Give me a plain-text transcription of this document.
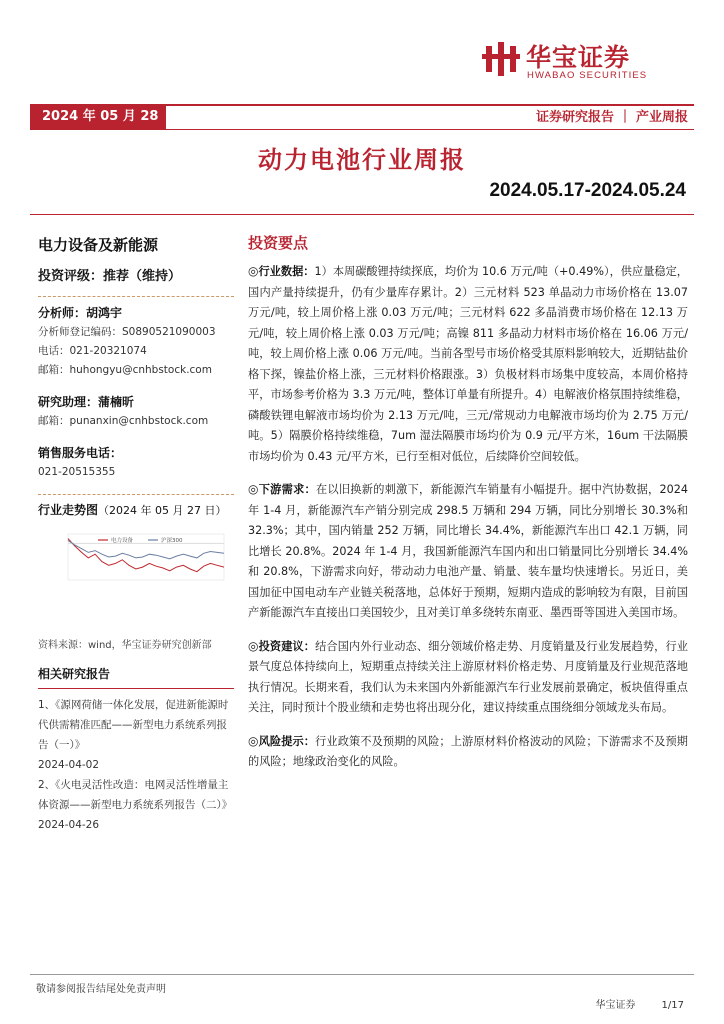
华宝证券
HWABAO SECURITIES
2024 年 05 月 28 日
证券研究报告 ｜ 产业周报
动力电池行业周报
2024.05.17-2024.05.24
电力设备及新能源
投资评级：推荐（维持）
分析师：胡鸿宇
分析师登记编码：S0890521090003
电话：021-20321074
邮箱：huhongyu@cnhbstock.com
研究助理：蒲楠昕
邮箱：punanxin@cnhbstock.com
销售服务电话：
021-20515355
行业走势图（2024 年 05 月 27 日）
电力设备	沪深300
资料来源：wind，华宝证券研究创新部
相关研究报告
1、《源网荷储一体化发展，促进新能源时代供需精准匹配——新型电力系统系列报告（一）》
2024-04-02
2、《火电灵活性改造：电网灵活性增量主体资源——新型电力系统系列报告（二）》
2024-04-26
投资要点
◎行业数据：1）本周碳酸锂持续探底，均价为 10.6 万元/吨（+0.49%），供应量稳定，国内产量持续提升，仍有少量库存累计。2）三元材料 523 单晶动力市场价格在 13.07 万元/吨，较上周价格上涨 0.03 万元/吨；三元材料 622 多晶消费市场价格在 12.13 万元/吨，较上周价格上涨 0.03 万元/吨；高镍 811 多晶动力材料市场价格在 16.06 万元/吨，较上周价格上涨 0.06 万元/吨。当前各型号市场价格受其原料影响较大，近期钴盐价格下探，镍盐价格上涨，三元材料价格跟涨。3）负极材料市场集中度较高，本周价格持平，市场参考价格为 3.3 万元/吨，整体订单量有所提升。4）电解液价格氛围持续维稳，磷酸铁锂电解液市场均价为 2.13 万元/吨，三元/常规动力电解液市场均价为 2.75 万元/吨。5）隔膜价格持续维稳，7um 湿法隔膜市场均价为 0.9 元/平方米，16um 干法隔膜市场均价为 0.43 元/平方米，已行至相对低位，后续降价空间较低。
◎下游需求：在以旧换新的刺激下，新能源汽车销量有小幅提升。据中汽协数据，2024 年 1-4 月，新能源汽车产销分别完成 298.5 万辆和 294 万辆，同比分别增长 30.3%和 32.3%；其中，国内销量 252 万辆，同比增长 34.4%，新能源汽车出口 42.1 万辆，同比增长 20.8%。2024 年 1-4 月，我国新能源汽车国内和出口销量同比分别增长 34.4%和 20.8%，下游需求向好，带动动力电池产量、销量、装车量均快速增长。另近日，美国加征中国电动车产业链关税落地，总体好于预期，短期内造成的影响较为有限，目前国产新能源汽车直接出口美国较少，且对美订单多绕转东南亚、墨西哥等国进入美国市场。
◎投资建议：结合国内外行业动态、细分领域价格走势、月度销量及行业发展趋势，行业景气度总体持续向上，短期重点持续关注上游原材料价格走势、月度销量及行业规范落地执行情况。长期来看，我们认为未来国内外新能源汽车行业发展前景确定，板块值得重点关注，同时预计个股业绩和走势也将出现分化，建议持续重点围绕细分领域龙头布局。
◎风险提示：行业政策不及预期的风险；上游原材料价格波动的风险；下游需求不及预期的风险；地缘政治变化的风险。
敬请参阅报告结尾处免责声明
华宝证券	1/17
